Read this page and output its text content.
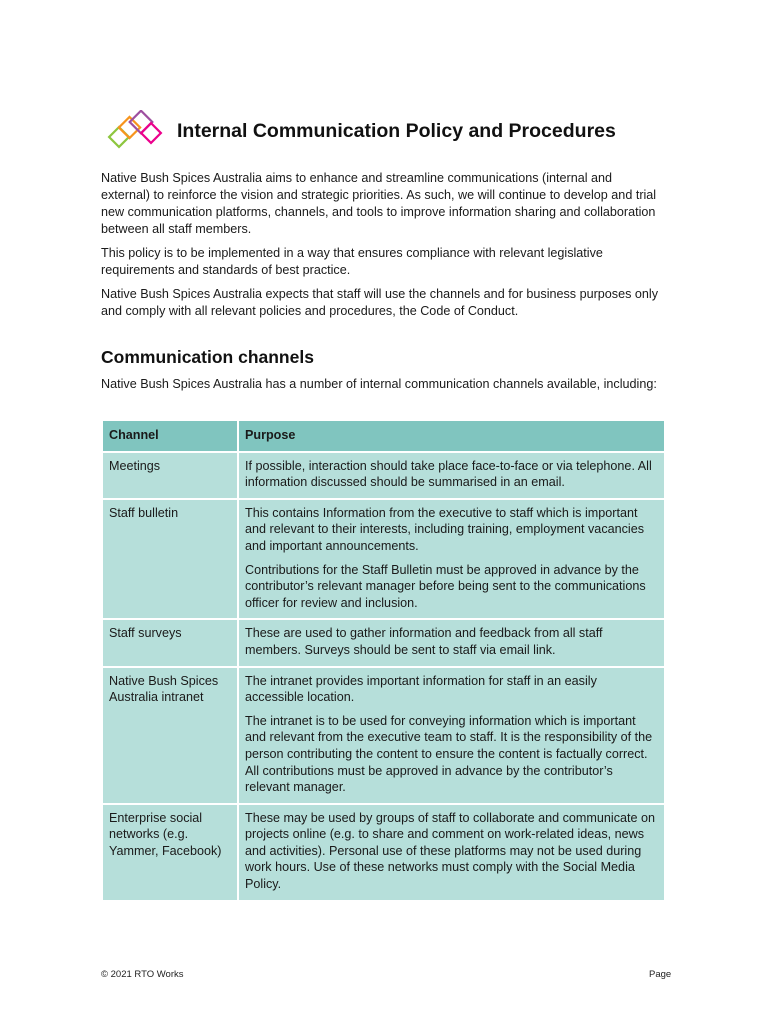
Internal Communication Policy and Procedures

Native Bush Spices Australia aims to enhance and streamline communications (internal and external) to reinforce the vision and strategic priorities. As such, we will continue to develop and trial new communication platforms, channels, and tools to improve information sharing and collaboration between all staff members.

This policy is to be implemented in a way that ensures compliance with relevant legislative requirements and standards of best practice.

Native Bush Spices Australia expects that staff will use the channels and for business purposes only and comply with all relevant policies and procedures, the Code of Conduct.

Communication channels

Native Bush Spices Australia has a number of internal communication channels available, including:

Channel	Purpose
Meetings	If possible, interaction should take place face-to-face or via telephone. All information discussed should be summarised in an email.

Staff bulletin	This contains Information from the executive to staff which is important and relevant to their interests, including training, employment vacancies and important announcements.

Contributions for the Staff Bulletin must be approved in advance by the contributor’s relevant manager before being sent to the communications officer for review and inclusion.

Staff surveys	These are used to gather information and feedback from all staff members. Surveys should be sent to staff via email link.

Native Bush Spices Australia intranet	The intranet provides important information for staff in an easily accessible location.

The intranet is to be used for conveying information which is important and relevant from the executive team to staff. It is the responsibility of the person contributing the content to ensure the content is factually correct. All contributions must be approved in advance by the contributor’s relevant manager.

Enterprise social networks (e.g. Yammer, Facebook)	These may be used by groups of staff to collaborate and communicate on projects online (e.g. to share and comment on work-related ideas, news and activities). Personal use of these platforms may not be used during work hours. Use of these networks must comply with the Social Media Policy.

© 2021 RTO Works	Page
